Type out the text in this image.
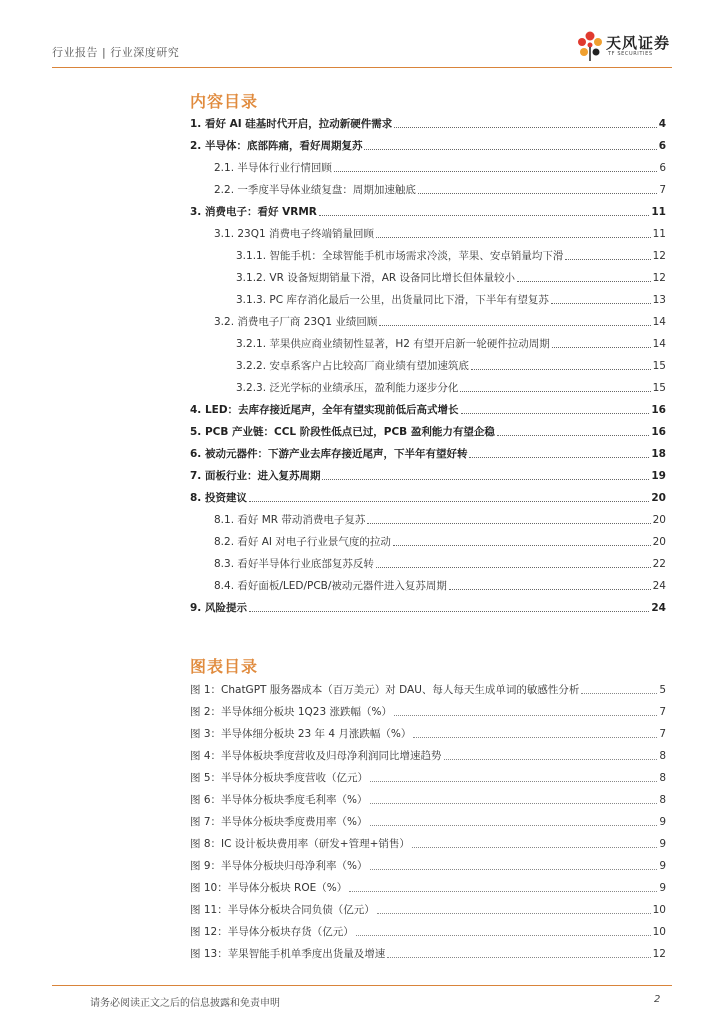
行业报告 | 行业深度研究
天风证券
TF SECURITIES
内容目录
1. 看好 AI 硅基时代开启，拉动新硬件需求	4
2. 半导体：底部阵痛，看好周期复苏	6
2.1. 半导体行业行情回顾	6
2.2. 一季度半导体业绩复盘：周期加速触底	7
3. 消费电子：看好 VRMR	11
3.1. 23Q1 消费电子终端销量回顾	11
3.1.1. 智能手机：全球智能手机市场需求冷淡，苹果、安卓销量均下滑	12
3.1.2. VR 设备短期销量下滑，AR 设备同比增长但体量较小	12
3.1.3. PC 库存消化最后一公里，出货量同比下滑，下半年有望复苏	13
3.2. 消费电子厂商 23Q1 业绩回顾	14
3.2.1. 苹果供应商业绩韧性显著，H2 有望开启新一轮硬件拉动周期	14
3.2.2. 安卓系客户占比较高厂商业绩有望加速筑底	15
3.2.3. 泛光学标的业绩承压，盈利能力逐步分化	15
4. LED：去库存接近尾声，全年有望实现前低后高式增长	16
5. PCB 产业链：CCL 阶段性低点已过，PCB 盈利能力有望企稳	16
6. 被动元器件：下游产业去库存接近尾声，下半年有望好转	18
7. 面板行业：进入复苏周期	19
8. 投资建议	20
8.1. 看好 MR 带动消费电子复苏	20
8.2. 看好 AI 对电子行业景气度的拉动	20
8.3. 看好半导体行业底部复苏反转	22
8.4. 看好面板/LED/PCB/被动元器件进入复苏周期	24
9. 风险提示	24
图表目录
图 1：ChatGPT 服务器成本（百万美元）对 DAU、每人每天生成单词的敏感性分析	5
图 2：半导体细分板块 1Q23 涨跌幅（%）	7
图 3：半导体细分板块 23 年 4 月涨跌幅（%）	7
图 4：半导体板块季度营收及归母净利润同比增速趋势	8
图 5：半导体分板块季度营收（亿元）	8
图 6：半导体分板块季度毛利率（%）	8
图 7：半导体分板块季度费用率（%）	9
图 8：IC 设计板块费用率（研发+管理+销售）	9
图 9：半导体分板块归母净利率（%）	9
图 10：半导体分板块 ROE（%）	9
图 11：半导体分板块合同负债（亿元）	10
图 12：半导体分板块存货（亿元）	10
图 13：苹果智能手机单季度出货量及增速	12
请务必阅读正文之后的信息披露和免责申明	2
